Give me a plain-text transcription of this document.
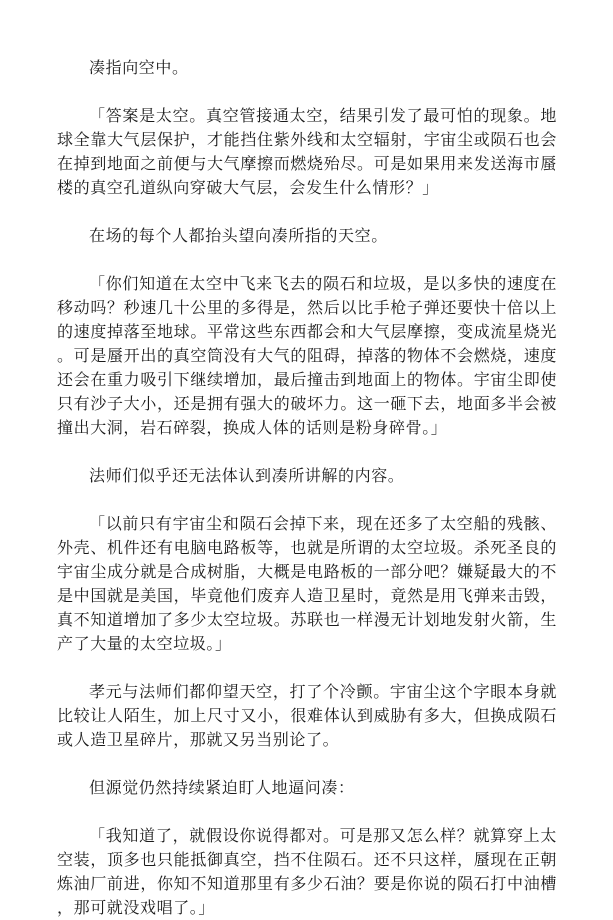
凑指向空中。

「答案是太空。真空管接通太空，结果引发了最可怕的现象。地球全靠大气层保护，才能挡住紫外线和太空辐射，宇宙尘或陨石也会在掉到地面之前便与大气摩擦而燃烧殆尽。可是如果用来发送海市蜃楼的真空孔道纵向穿破大气层，会发生什么情形？」

在场的每个人都抬头望向凑所指的天空。

「你们知道在太空中飞来飞去的陨石和垃圾，是以多快的速度在移动吗？秒速几十公里的多得是，然后以比手枪子弹还要快十倍以上的速度掉落至地球。平常这些东西都会和大气层摩擦，变成流星烧光。可是蜃开出的真空筒没有大气的阻碍，掉落的物体不会燃烧，速度还会在重力吸引下继续增加，最后撞击到地面上的物体。宇宙尘即使只有沙子大小，还是拥有强大的破坏力。这一砸下去，地面多半会被撞出大洞，岩石碎裂，换成人体的话则是粉身碎骨。」

法师们似乎还无法体认到凑所讲解的内容。

「以前只有宇宙尘和陨石会掉下来，现在还多了太空船的残骸、外壳、机件还有电脑电路板等，也就是所谓的太空垃圾。杀死圣良的宇宙尘成分就是合成树脂，大概是电路板的一部分吧？嫌疑最大的不是中国就是美国，毕竟他们废弃人造卫星时，竟然是用飞弹来击毁，真不知道增加了多少太空垃圾。苏联也一样漫无计划地发射火箭，生产了大量的太空垃圾。」

孝元与法师们都仰望天空，打了个冷颤。宇宙尘这个字眼本身就比较让人陌生，加上尺寸又小，很难体认到威胁有多大，但换成陨石或人造卫星碎片，那就又另当别论了。

但源觉仍然持续紧迫盯人地逼问凑：

「我知道了，就假设你说得都对。可是那又怎么样？就算穿上太空装，顶多也只能抵御真空，挡不住陨石。还不只这样，蜃现在正朝炼油厂前进，你知不知道那里有多少石油？要是你说的陨石打中油槽，那可就没戏唱了。」
